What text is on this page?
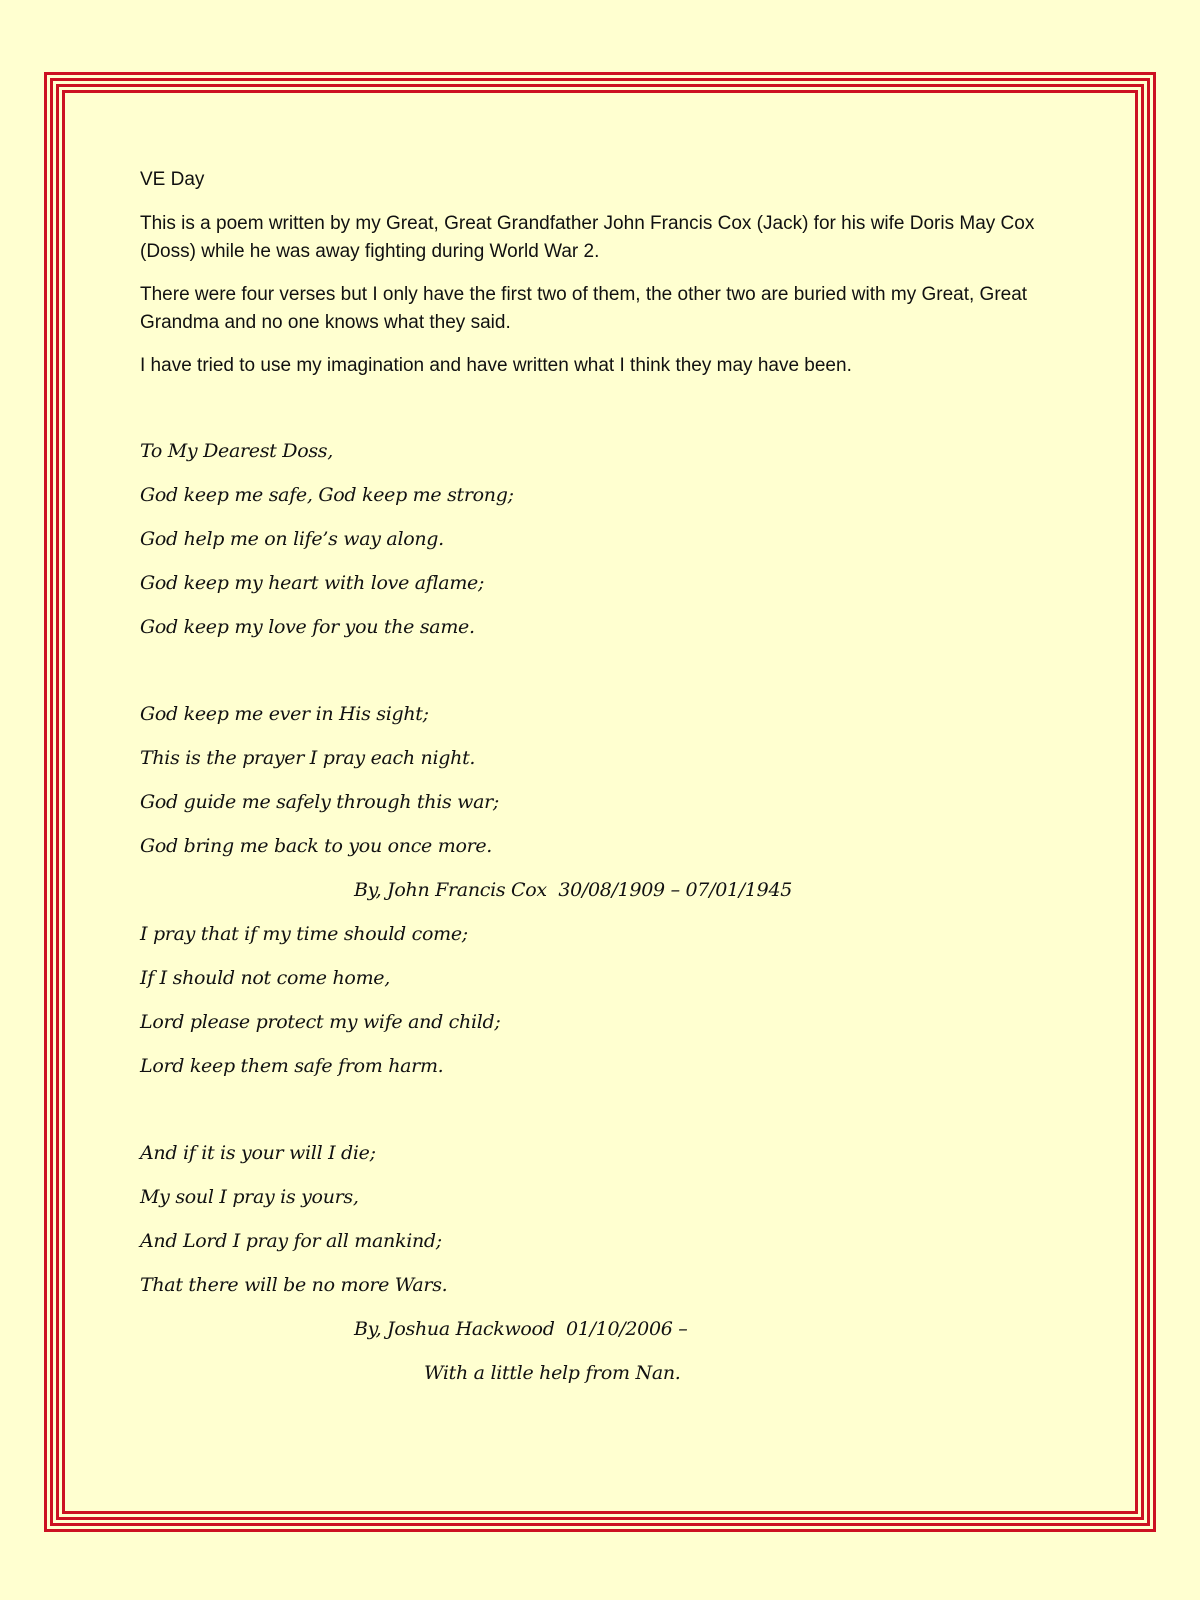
VE Day

This is a poem written by my Great, Great Grandfather John Francis Cox (Jack) for his wife Doris May Cox (Doss) while he was away fighting during World War 2.

There were four verses but I only have the first two of them, the other two are buried with my Great, Great Grandma and no one knows what they said.

I have tried to use my imagination and have written what I think they may have been.

To My Dearest Doss,

God keep me safe, God keep me strong;

God help me on life’s way along.

God keep my heart with love aflame;

God keep my love for you the same.

God keep me ever in His sight;

This is the prayer I pray each night.

God guide me safely through this war;

God bring me back to you once more.

By, John Francis Cox  30/08/1909 – 07/01/1945

I pray that if my time should come;

If I should not come home,

Lord please protect my wife and child;

Lord keep them safe from harm.

And if it is your will I die;

My soul I pray is yours,

And Lord I pray for all mankind;

That there will be no more Wars.

By, Joshua Hackwood  01/10/2006 –

With a little help from Nan.
